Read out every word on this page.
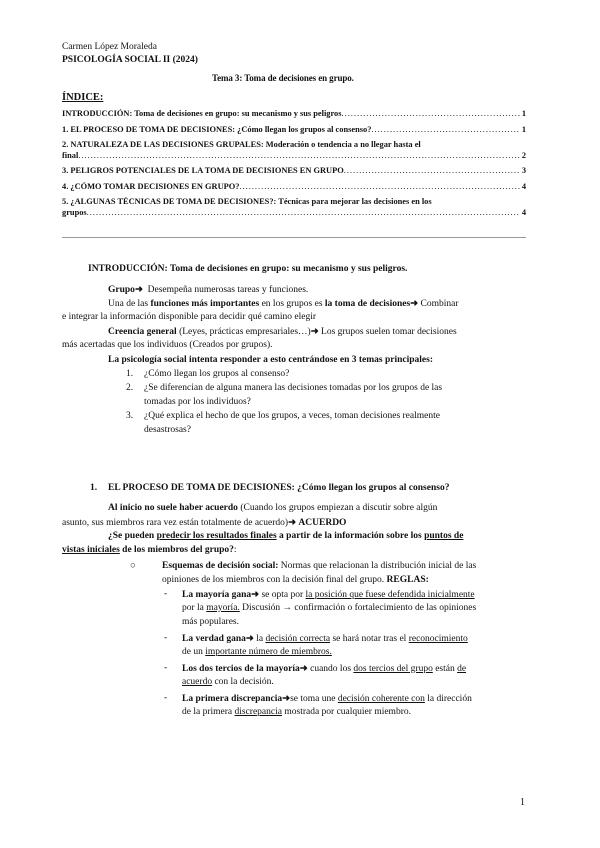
Carmen López Moraleda
PSICOLOGÍA SOCIAL II (2024)
Tema 3: Toma de decisiones en grupo.
ÍNDICE:
INTRODUCCIÓN: Toma de decisiones en grupo: su mecanismo y sus peligros .....	1
1. EL PROCESO DE TOMA DE DECISIONES: ¿Cómo llegan los grupos al consenso? .....	1
2. NATURALEZA DE LAS DECISIONES GRUPALES: Moderación o tendencia a no llegar hasta el
final .....	2
3. PELIGROS POTENCIALES DE LA TOMA DE DECISIONES EN GRUPO .....	3
4. ¿CÓMO TOMAR DECISIONES EN GRUPO? .....	4
5. ¿ALGUNAS TÉCNICAS DE TOMA DE DECISIONES?: Técnicas para mejorar las decisiones en los
grupos .....	4
INTRODUCCIÓN: Toma de decisiones en grupo: su mecanismo y sus peligros.
Grupo➜ Desempeña numerosas tareas y funciones.
Una de las funciones más importantes en los grupos es la toma de decisiones➜ Combinar
e integrar la información disponible para decidir qué camino elegir
Creencia general (Leyes, prácticas empresariales…)➜ Los grupos suelen tomar decisiones
más acertadas que los individuos (Creados por grupos).
La psicología social intenta responder a esto centrándose en 3 temas principales:
1. ¿Cómo llegan los grupos al consenso?
2. ¿Se diferencian de alguna manera las decisiones tomadas por los grupos de las
tomadas por los individuos?
3. ¿Qué explica el hecho de que los grupos, a veces, toman decisiones realmente
desastrosas?
1. EL PROCESO DE TOMA DE DECISIONES: ¿Cómo llegan los grupos al consenso?
Al inicio no suele haber acuerdo (Cuando los grupos empiezan a discutir sobre algún
asunto, sus miembros rara vez están totalmente de acuerdo)➜ ACUERDO
¿Se pueden predecir los resultados finales a partir de la información sobre los puntos de
vistas iniciales de los miembros del grupo?:
○	Esquemas de decisión social: Normas que relacionan la distribución inicial de las
opiniones de los miembros con la decisión final del grupo. REGLAS:
- La mayoría gana➜ se opta por la posición que fuese defendida inicialmente
por la mayoría. Discusión → confirmación o fortalecimiento de las opiniones
más populares.
- La verdad gana➜ la decisión correcta se hará notar tras el reconocimiento
de un importante número de miembros.
- Los dos tercios de la mayoría➜ cuando los dos tercios del grupo están de
acuerdo con la decisión.
- La primera discrepancia➜se toma une decisión coherente con la dirección
de la primera discrepancia mostrada por cualquier miembro.
1
